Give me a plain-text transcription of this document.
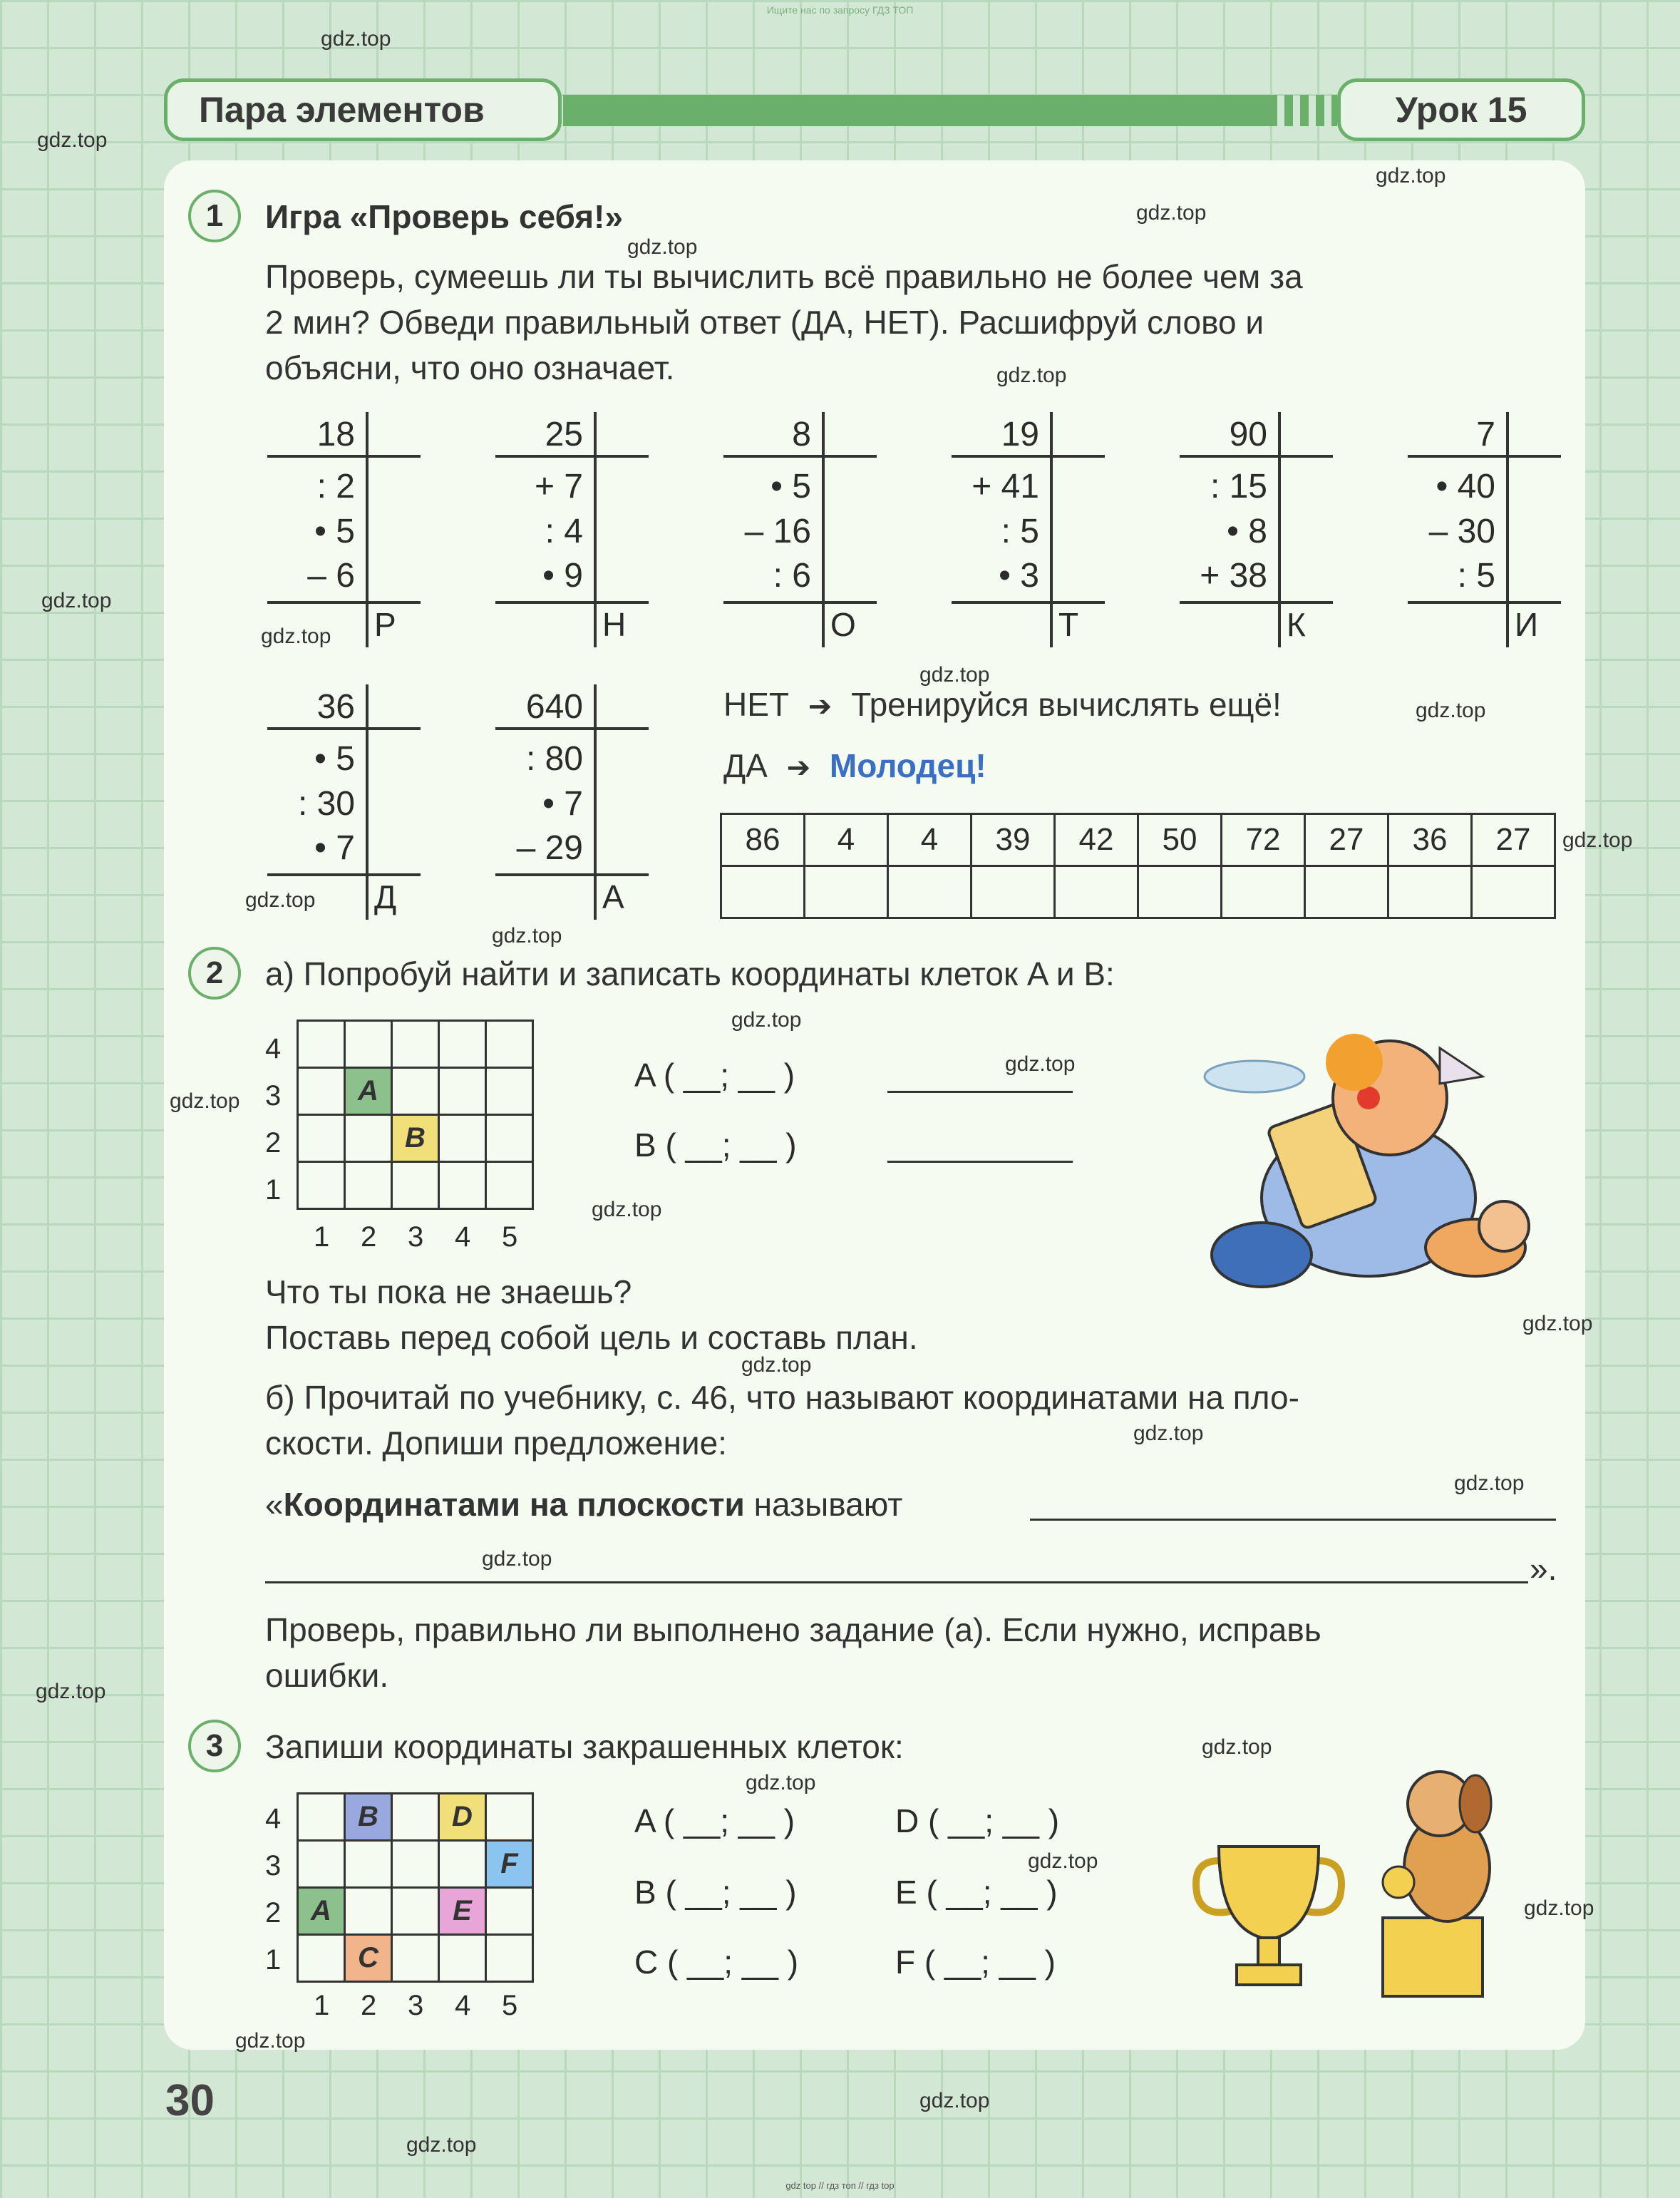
Ищите нас по запросу ГДЗ ТОП
Пара элементов	Урок 15
1	Игра «Проверь себя!»
Проверь, сумеешь ли ты вычислить всё правильно не более чем за
2 мин? Обведи правильный ответ (ДА, НЕТ). Расшифруй слово и
объясни, что оно означает.
18
: 2
• 5
– 6
Р
25
+ 7
: 4
• 9
Н
8
• 5
– 16
: 6
О
19
+ 41
: 5
• 3
Т
90
: 15
• 8
+ 38
К
7
• 40
– 30
: 5
И
36
• 5
: 30
• 7
Д
640
: 80
• 7
– 29
А
НЕТ ➔ Тренируйся вычислять ещё!
ДА ➔ Молодец!
86	4	4	39	42	50	72	27	36	27

2	а) Попробуй найти и записать координаты клеток A и B:
4
3
2
1

	A			
		B		

1 2 3 4 5
A ( __; __ )
B ( __; __ )
Что ты пока не знаешь?
Поставь перед собой цель и составь план.
б) Прочитай по учебнику, с. 46, что называют координатами на пло-
скости. Допиши предложение:
«Координатами на плоскости называют
».
Проверь, правильно ли выполнено задание (а). Если нужно, исправь
ошибки.
3	Запиши координаты закрашенных клеток:
4
3
2
1
	B		D	
				F
A			E	
	C			
1 2 3 4 5
A ( __; __ )
B ( __; __ )
C ( __; __ )
D ( __; __ )
E ( __; __ )
F ( __; __ )
30
gdz.top
gdz.top
gdz.top
gdz.top
gdz.top
gdz.top
gdz.top
gdz.top
gdz.top
gdz.top
gdz.top
gdz.top
gdz.top
gdz.top
gdz.top
gdz.top
gdz.top
gdz.top
gdz.top
gdz.top
gdz.top
gdz.top
gdz.top
gdz.top
gdz.top
gdz.top
gdz.top
gdz.top
gdz.top
gdz.top
gdz top // гдз топ // гдз top
